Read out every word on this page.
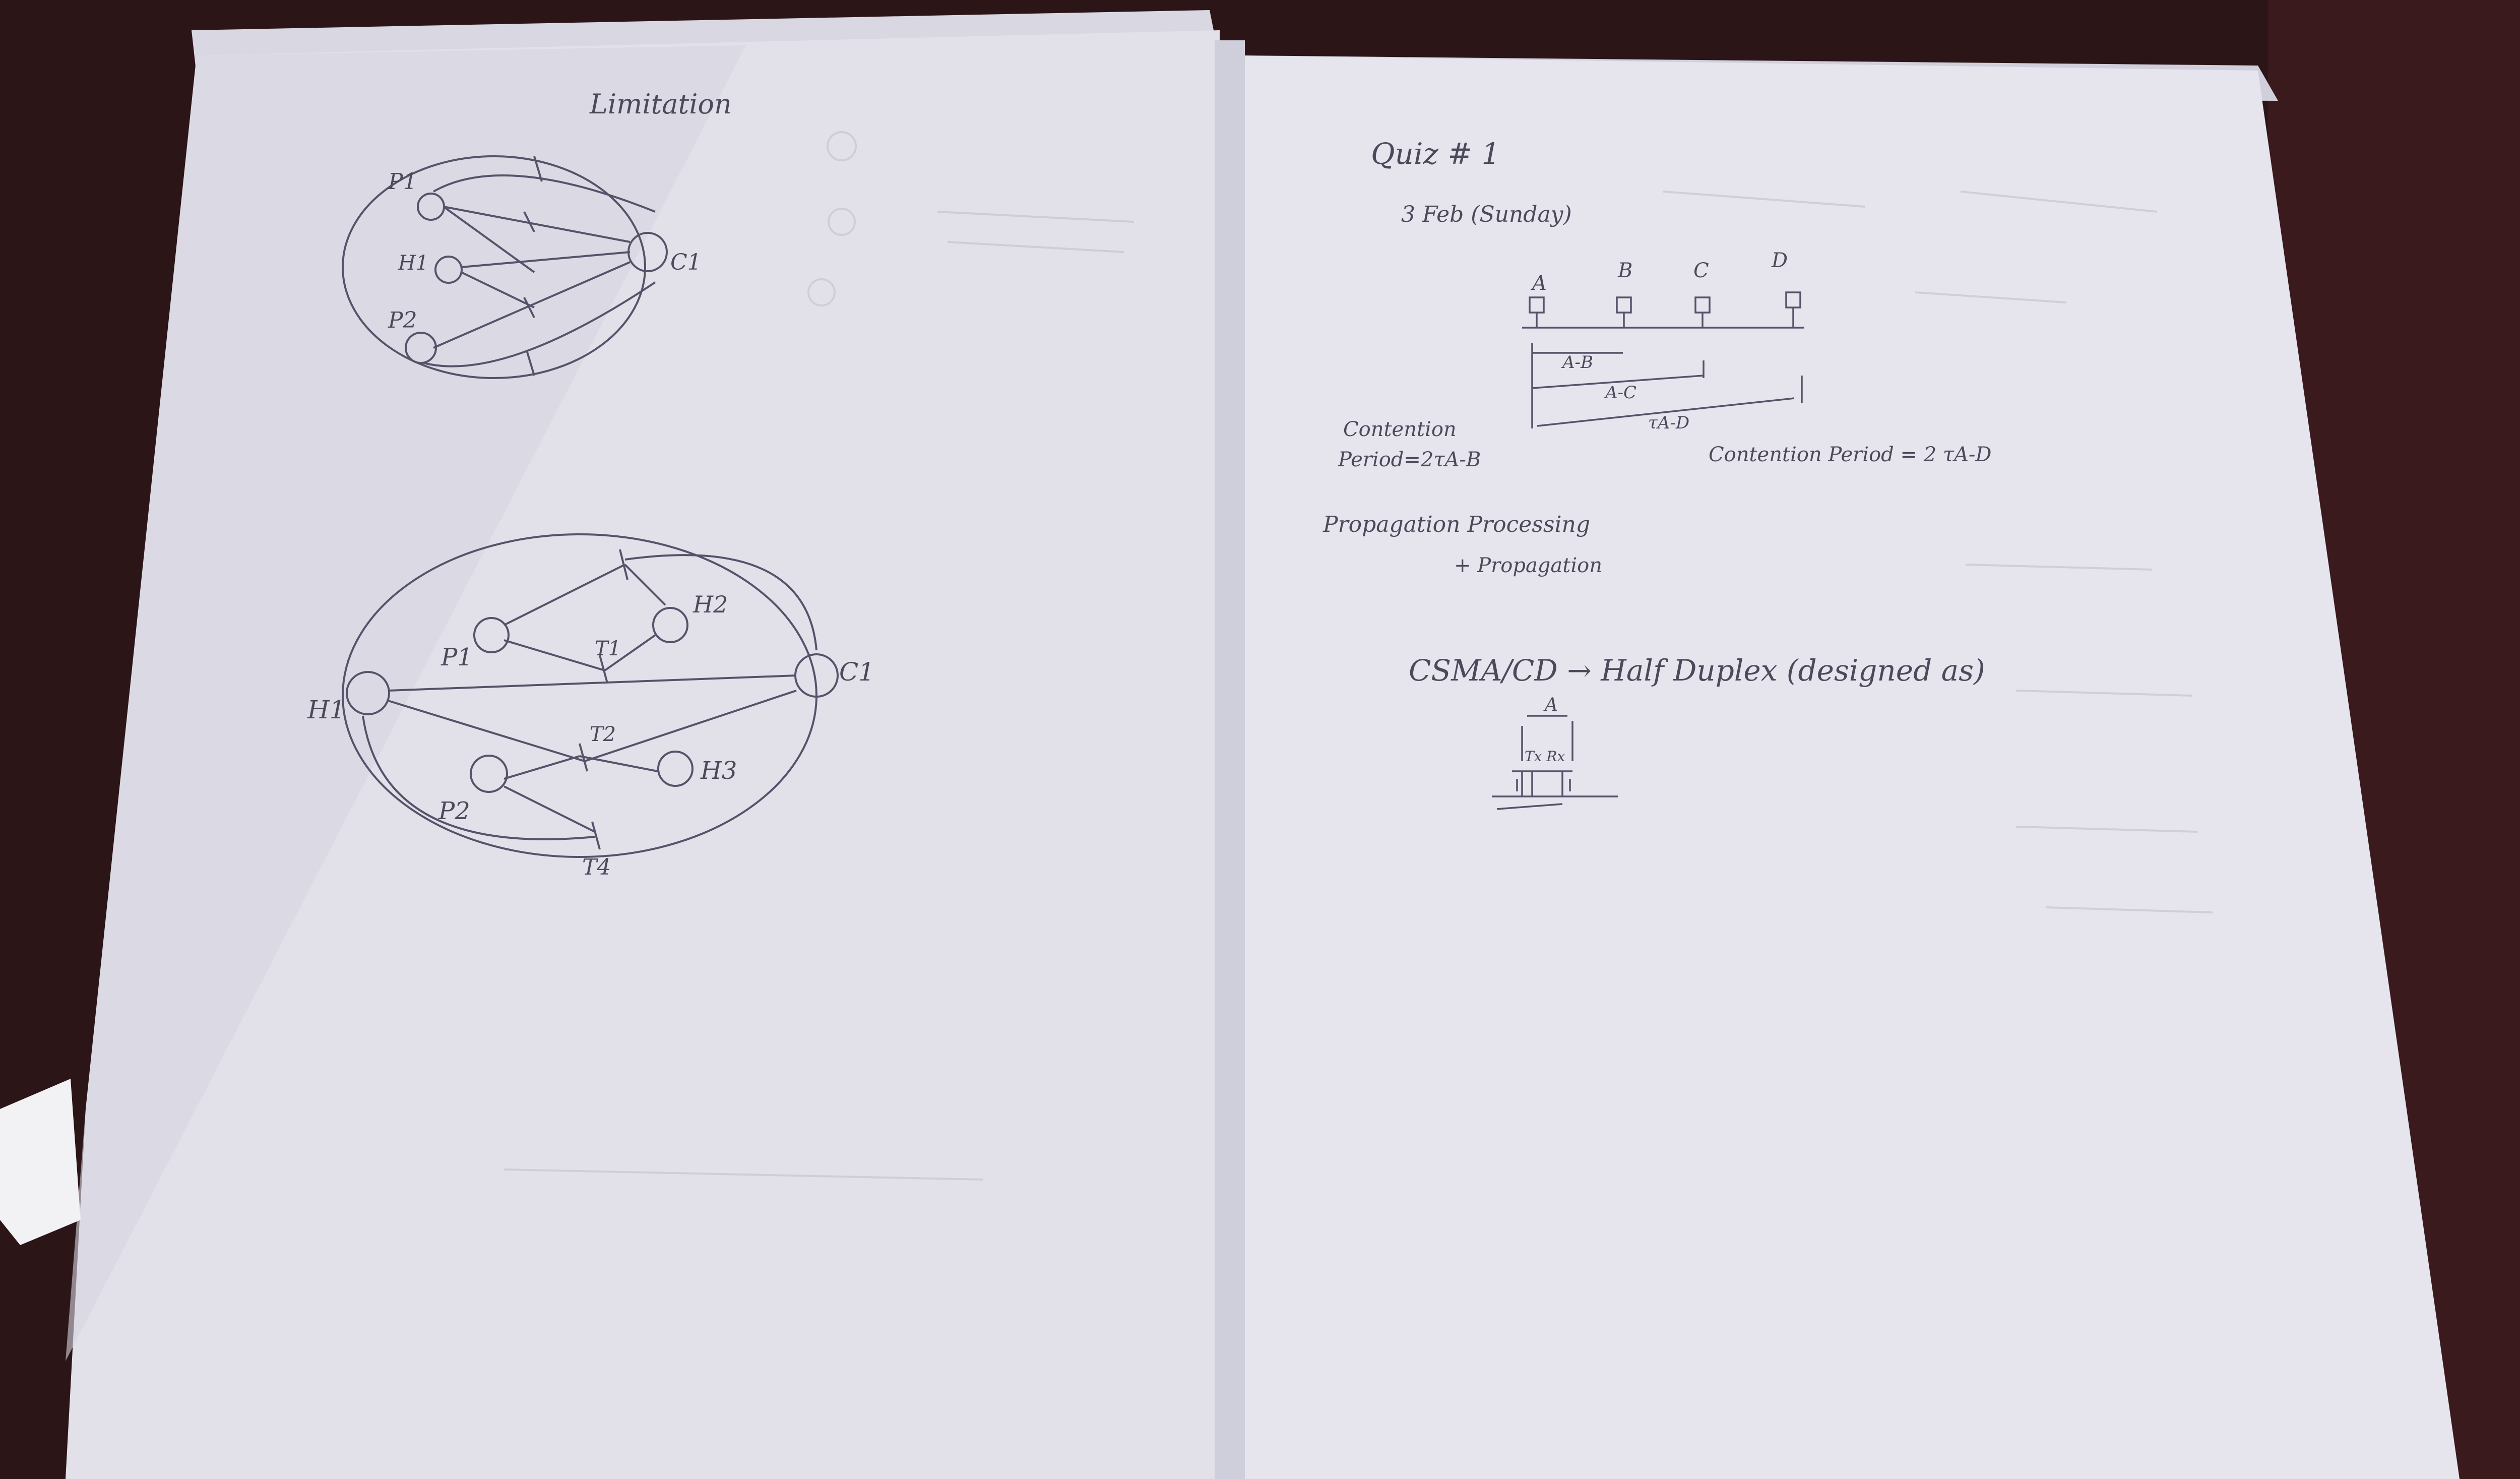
Limitation
P1
H1
P2
C1
H1
P1	T1
H2
C1
T2
H3
P2
T4
Quiz # 1
3 Feb (Sunday)
A
B	C	D
A-B
A-C
τA-D
Contention
Period=2τA-B	Contention Period = 2 τA-D
Propagation Processing
+ Propagation
CSMA/CD → Half Duplex (designed as)
A
Tx Rx
